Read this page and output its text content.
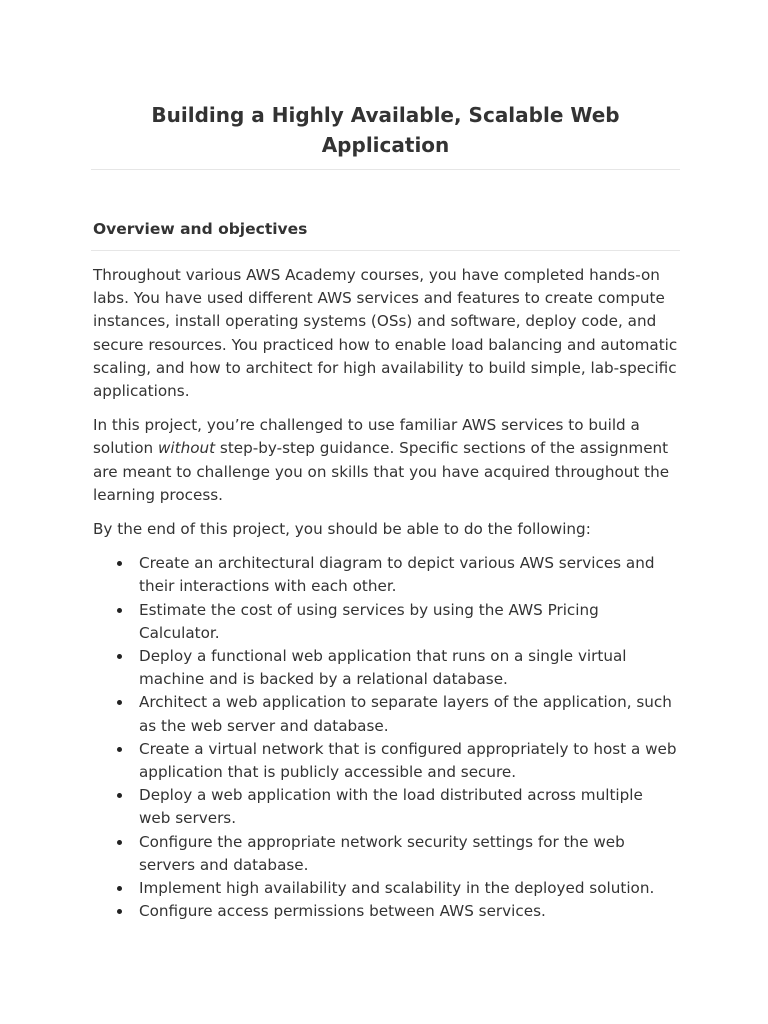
Building a Highly Available, Scalable Web Application
Overview and objectives

Throughout various AWS Academy courses, you have completed hands-on labs. You have used different AWS services and features to create compute instances, install operating systems (OSs) and software, deploy code, and secure resources. You practiced how to enable load balancing and automatic scaling, and how to architect for high availability to build simple, lab-specific applications.

In this project, you’re challenged to use familiar AWS services to build a solution without step-by-step guidance. Specific sections of the assignment are meant to challenge you on skills that you have acquired throughout the learning process.

By the end of this project, you should be able to do the following:

Create an architectural diagram to depict various AWS services and their interactions with each other.
Estimate the cost of using services by using the AWS Pricing Calculator.
Deploy a functional web application that runs on a single virtual machine and is backed by a relational database.
Architect a web application to separate layers of the application, such as the web server and database.
Create a virtual network that is configured appropriately to host a web application that is publicly accessible and secure.
Deploy a web application with the load distributed across multiple web servers.
Configure the appropriate network security settings for the web servers and database.
Implement high availability and scalability in the deployed solution.
Configure access permissions between AWS services.
